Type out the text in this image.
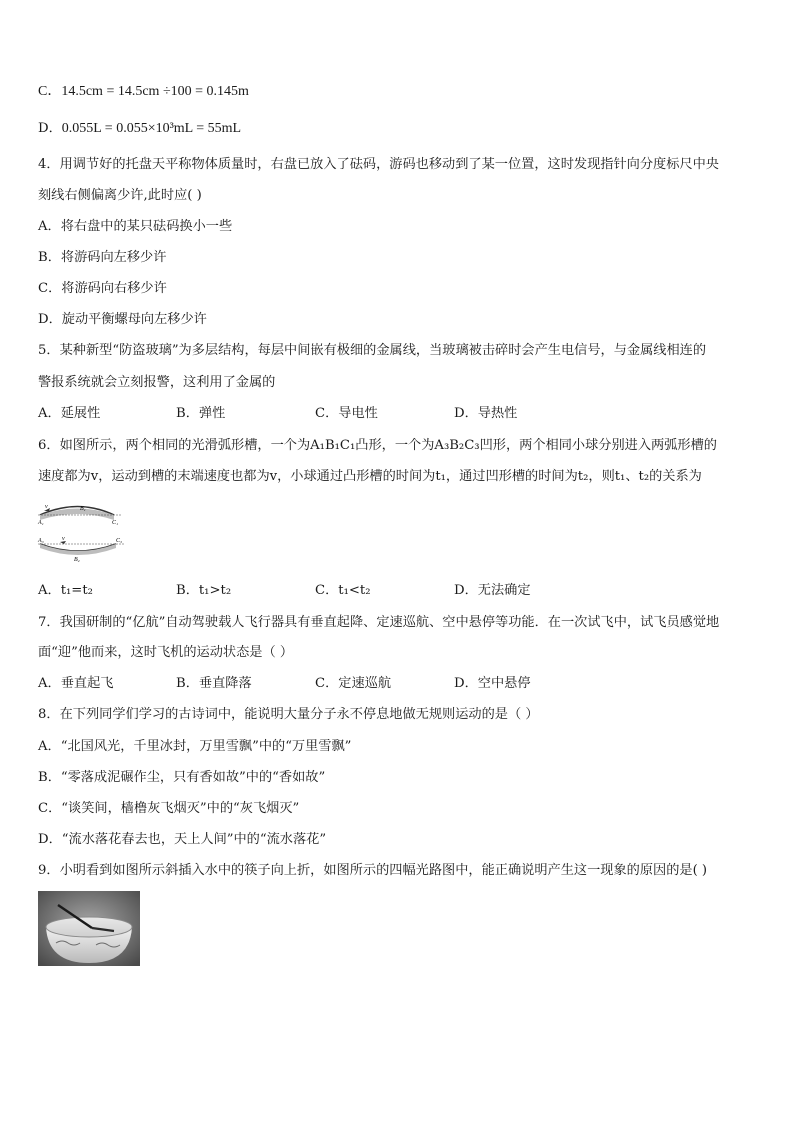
C．14.5cm = 14.5cm ÷100 = 0.145m
D．0.055L = 0.055×10³mL = 55mL
4．用调节好的托盘天平称物体质量时，右盘已放入了砝码，游码也移动到了某一位置，这时发现指针向分度标尺中央
刻线右侧偏离少许,此时应( )
A．将右盘中的某只砝码换小一些
B．将游码向左移少许
C．将游码向右移少许
D．旋动平衡螺母向左移少许
5．某种新型“防盗玻璃”为多层结构，每层中间嵌有极细的金属线，当玻璃被击碎时会产生电信号，与金属线相连的
警报系统就会立刻报警，这利用了金属的
A．延展性	B．弹性	C．导电性	D．导热性
6．如图所示，两个相同的光滑弧形槽，一个为A₁B₁C₁凸形，一个为A₃B₂C₃凹形，两个相同小球分别进入两弧形槽的
速度都为v，运动到槽的末端速度也都为v，小球通过凸形槽的时间为t₁，通过凹形槽的时间为t₂，则t₁、t₂的关系为
v
A₁
B₁
C₁
A₃	v
B₂
C₃
A．t₁=t₂	B．t₁>t₂	C．t₁<t₂	D．无法确定
7．我国研制的“亿航”自动驾驶载人飞行器具有垂直起降、定速巡航、空中悬停等功能．在一次试飞中，试飞员感觉地
面“迎”他而来，这时飞机的运动状态是（ ）
A．垂直起飞	B．垂直降落	C．定速巡航	D．空中悬停
8．在下列同学们学习的古诗词中，能说明大量分子永不停息地做无规则运动的是（ ）
A．“北国风光，千里冰封，万里雪飘”中的“万里雪飘”
B．“零落成泥碾作尘，只有香如故”中的“香如故”
C．“谈笑间，樯橹灰飞烟灭”中的“灰飞烟灭”
D．“流水落花春去也，天上人间”中的“流水落花”
9．小明看到如图所示斜插入水中的筷子向上折，如图所示的四幅光路图中，能正确说明产生这一现象的原因的是( )
